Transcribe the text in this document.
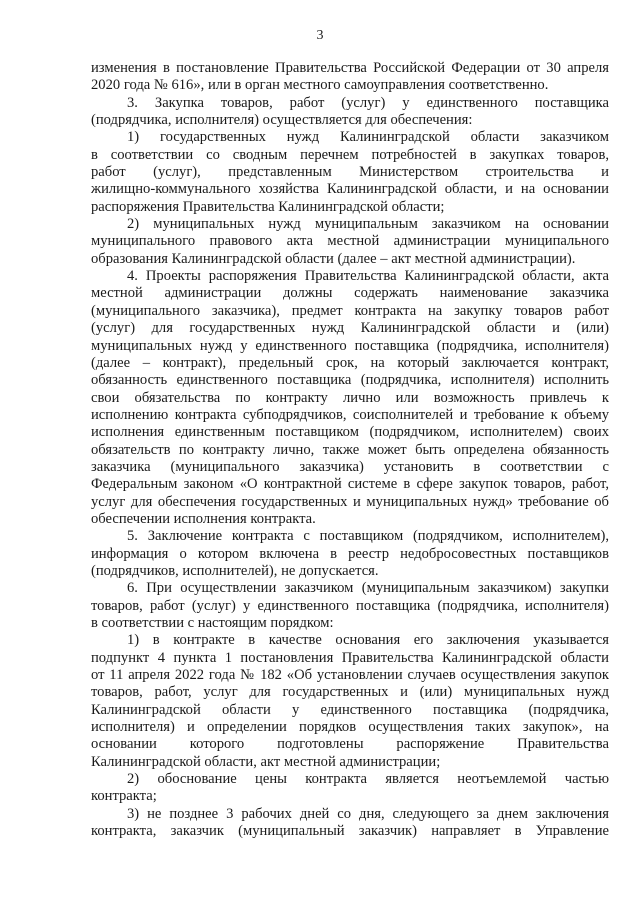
3
изменения в постановление Правительства Российской Федерации от 30 апреля
2020 года № 616», или в орган местного самоуправления соответственно.
3. Закупка товаров, работ (услуг) у единственного поставщика
(подрядчика, исполнителя) осуществляется для обеспечения:
1) государственных нужд Калининградской области заказчиком
в соответствии со сводным перечнем потребностей в закупках товаров,
работ (услуг), представленным Министерством строительства и
жилищно-коммунального хозяйства Калининградской области, и на основании
распоряжения Правительства Калининградской области;
2) муниципальных нужд муниципальным заказчиком на основании
муниципального правового акта местной администрации муниципального
образования Калининградской области (далее – акт местной администрации).
4. Проекты распоряжения Правительства Калининградской области, акта
местной администрации должны содержать наименование заказчика
(муниципального заказчика), предмет контракта на закупку товаров работ
(услуг) для государственных нужд Калининградской области и (или)
муниципальных нужд у единственного поставщика (подрядчика, исполнителя)
(далее – контракт), предельный срок, на который заключается контракт,
обязанность единственного поставщика (подрядчика, исполнителя) исполнить
свои обязательства по контракту лично или возможность привлечь к
исполнению контракта субподрядчиков, соисполнителей и требование к объему
исполнения единственным поставщиком (подрядчиком, исполнителем) своих
обязательств по контракту лично, также может быть определена обязанность
заказчика (муниципального заказчика) установить в соответствии с
Федеральным законом «О контрактной системе в сфере закупок товаров, работ,
услуг для обеспечения государственных и муниципальных нужд» требование об
обеспечении исполнения контракта.
5. Заключение контракта с поставщиком (подрядчиком, исполнителем),
информация о котором включена в реестр недобросовестных поставщиков
(подрядчиков, исполнителей), не допускается.
6. При осуществлении заказчиком (муниципальным заказчиком) закупки
товаров, работ (услуг) у единственного поставщика (подрядчика, исполнителя)
в соответствии с настоящим порядком:
1) в контракте в качестве основания его заключения указывается
подпункт 4 пункта 1 постановления Правительства Калининградской области
от 11 апреля 2022 года № 182 «Об установлении случаев осуществления закупок
товаров, работ, услуг для государственных и (или) муниципальных нужд
Калининградской области у единственного поставщика (подрядчика,
исполнителя) и определении порядков осуществления таких закупок», на
основании которого подготовлены распоряжение Правительства
Калининградской области, акт местной администрации;
2) обоснование цены контракта является неотъемлемой частью
контракта;
3) не позднее 3 рабочих дней со дня, следующего за днем заключения
контракта, заказчик (муниципальный заказчик) направляет в Управление
